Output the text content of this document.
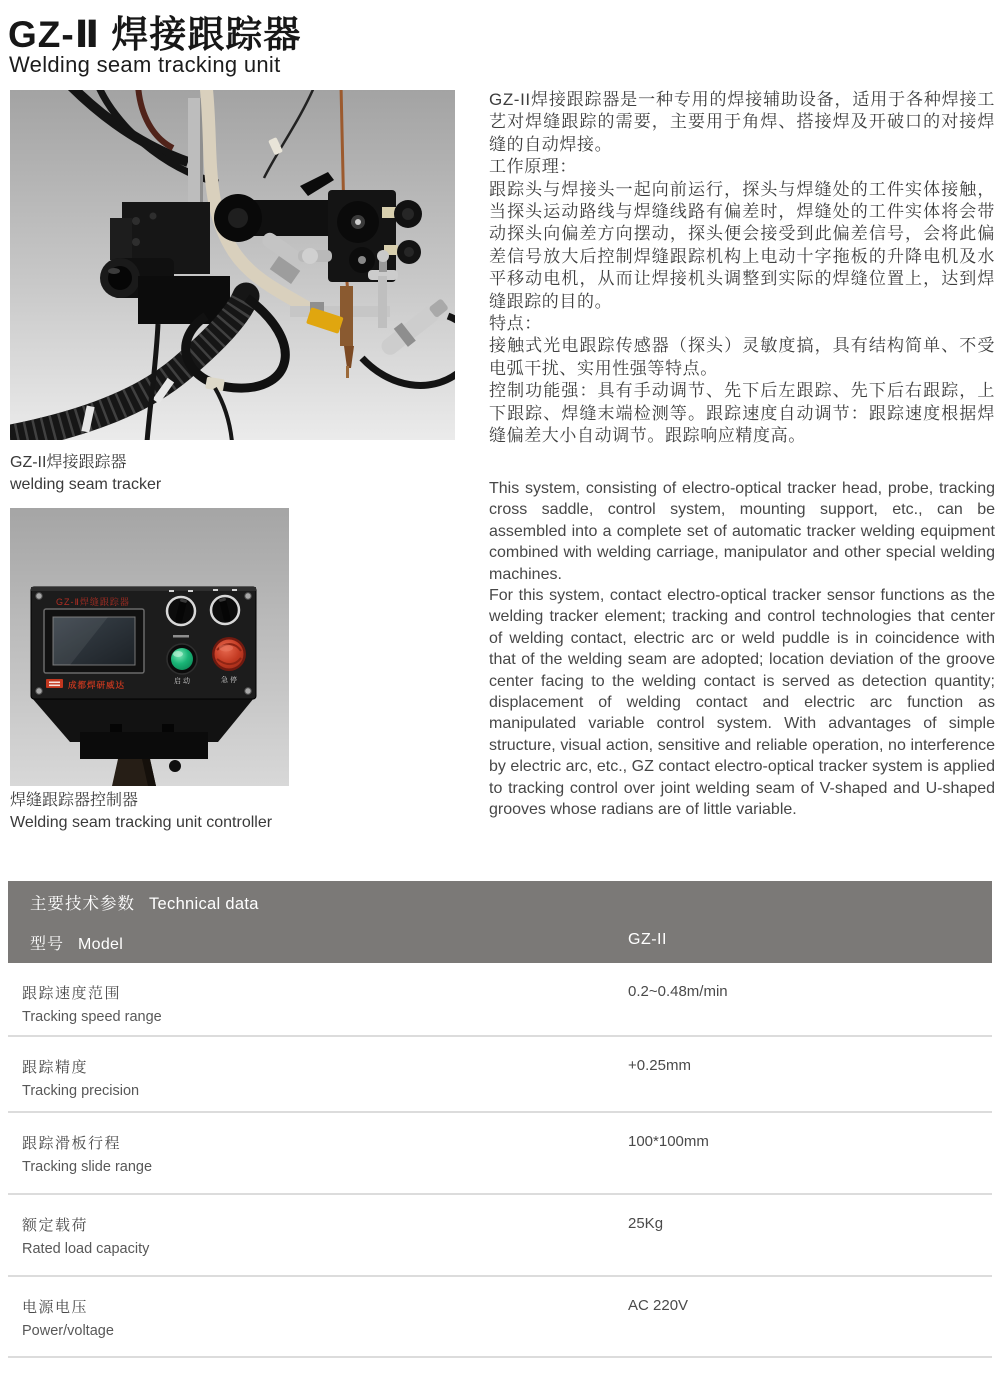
GZ-Ⅱ 焊接跟踪器
Welding seam tracking unit
GZ-II焊接跟踪器
welding seam tracker
GZ-Ⅱ焊缝跟踪器
启 动	急 停
成都焊研威达
焊缝跟踪器控制器
Welding seam tracking unit controller

GZ-II焊接跟踪器是一种专用的焊接辅助设备，适用于各种焊接工艺对焊缝跟踪的需要，主要用于角焊、搭接焊及开破口的对接焊缝的自动焊接。

工作原理：

跟踪头与焊接头一起向前运行，探头与焊缝处的工件实体接触，当探头运动路线与焊缝线路有偏差时，焊缝处的工件实体将会带动探头向偏差方向摆动，探头便会接受到此偏差信号，会将此偏差信号放大后控制焊缝跟踪机构上电动十字拖板的升降电机及水平移动电机，从而让焊接机头调整到实际的焊缝位置上，达到焊缝跟踪的目的。

特点：

接触式光电跟踪传感器（探头）灵敏度搞，具有结构简单、不受电弧干扰、实用性强等特点。

控制功能强：具有手动调节、先下后左跟踪、先下后右跟踪，上下跟踪、焊缝末端检测等。跟踪速度自动调节：跟踪速度根据焊缝偏差大小自动调节。跟踪响应精度高。

This system, consisting of electro-optical tracker head, probe, tracking cross saddle, control system, mounting support, etc., can be assembled into a complete set of automatic tracker welding equipment combined with welding carriage, manipulator and other special welding machines.

For this system, contact electro-optical tracker sensor functions as the welding tracker element; tracking and control technologies that center of welding contact, electric arc or weld puddle is in coincidence with that of the welding seam are adopted; location deviation of the groove center facing to the welding contact is served as detection quantity; displacement of welding contact and electric arc function as manipulated variable control system. With advantages of simple structure, visual action, sensitive and reliable operation, no interference by electric arc, etc., GZ contact electro-optical tracker system is applied to tracking control over joint welding seam of V-shaped and U-shaped grooves whose radians are of little variable.

主要技术参数 Technical data
型号 Model	GZ-II
跟踪速度范围
Tracking speed range
0.2~0.48m/min
跟踪精度
Tracking precision
+0.25mm
跟踪滑板行程
Tracking slide range
100*100mm
额定载荷
Rated load capacity
25Kg
电源电压
Power/voltage
AC 220V
